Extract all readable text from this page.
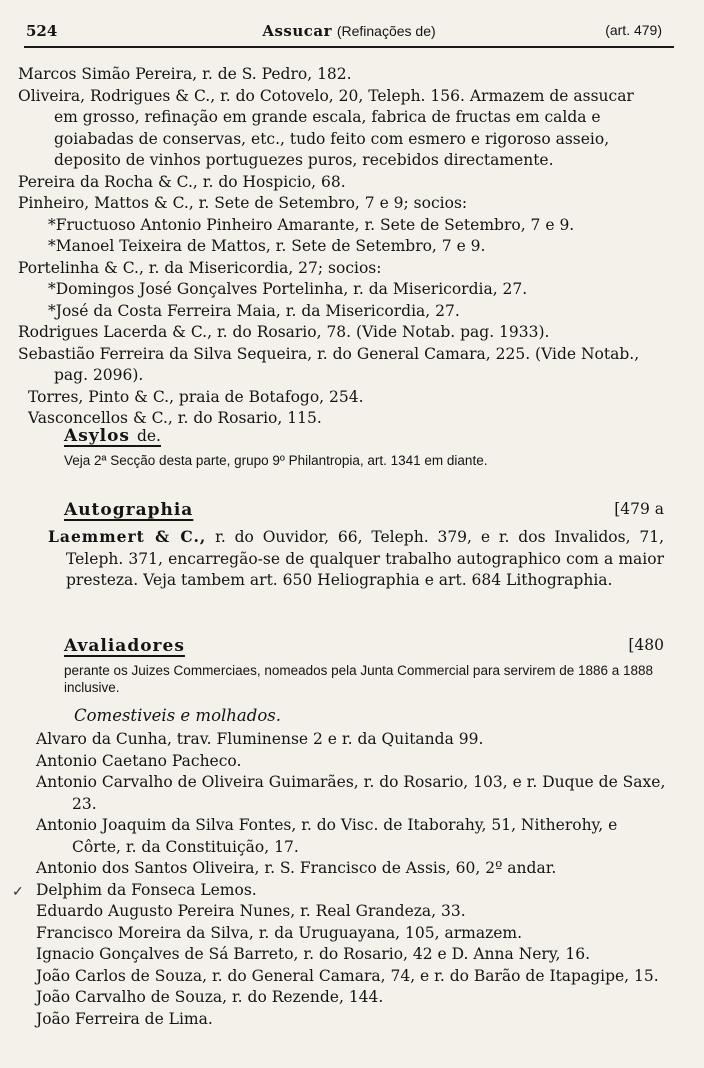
524	Assucar (Refinações de)	(art. 479)

Marcos Simão Pereira, r. de S. Pedro, 182.

Oliveira, Rodrigues & C., r. do Cotovelo, 20, Teleph. 156. Armazem de assucar em grosso, refinação em grande escala, fabrica de fructas em calda e goiabadas de conservas, etc., tudo feito com esmero e rigoroso asseio, deposito de vinhos portuguezes puros, recebidos directamente.

Pereira da Rocha & C., r. do Hospicio, 68.

Pinheiro, Mattos & C., r. Sete de Setembro, 7 e 9; socios:

*Fructuoso Antonio Pinheiro Amarante, r. Sete de Setembro, 7 e 9.

*Manoel Teixeira de Mattos, r. Sete de Setembro, 7 e 9.

Portelinha & C., r. da Misericordia, 27; socios:

*Domingos José Gonçalves Portelinha, r. da Misericordia, 27.

*José da Costa Ferreira Maia, r. da Misericordia, 27.

Rodrigues Lacerda & C., r. do Rosario, 78. (Vide Notab. pag. 1933).

Sebastião Ferreira da Silva Sequeira, r. do General Camara, 225. (Vide Notab., pag. 2096).

Torres, Pinto & C., praia de Botafogo, 254.

Vasconcellos & C., r. do Rosario, 115.

Asylos de.
Veja 2ª Secção desta parte, grupo 9º Philantropia, art. 1341 em diante.
Autographia	[479 a

Laemmert & C., r. do Ouvidor, 66, Teleph. 379, e r. dos Invalidos, 71, Teleph. 371, encarregão-se de qualquer trabalho autographico com a maior presteza. Veja tambem art. 650 Heliographia e art. 684 Lithographia.

Avaliadores	[480
perante os Juizes Commerciaes, nomeados pela Junta Commercial para servirem de 1886 a 1888 inclusive.
Comestiveis e molhados.

Alvaro da Cunha, trav. Fluminense 2 e r. da Quitanda 99.

Antonio Caetano Pacheco.

Antonio Carvalho de Oliveira Guimarães, r. do Rosario, 103, e r. Duque de Saxe, 23.

Antonio Joaquim da Silva Fontes, r. do Visc. de Itaborahy, 51, Nitherohy, e Côrte, r. da Constituição, 17.

Antonio dos Santos Oliveira, r. S. Francisco de Assis, 60, 2º andar.

Delphim da Fonseca Lemos.

Eduardo Augusto Pereira Nunes, r. Real Grandeza, 33.

Francisco Moreira da Silva, r. da Uruguayana, 105, armazem.

Ignacio Gonçalves de Sá Barreto, r. do Rosario, 42 e D. Anna Nery, 16.

João Carlos de Souza, r. do General Camara, 74, e r. do Barão de Itapagipe, 15.

João Carvalho de Souza, r. do Rezende, 144.

João Ferreira de Lima.

✓
